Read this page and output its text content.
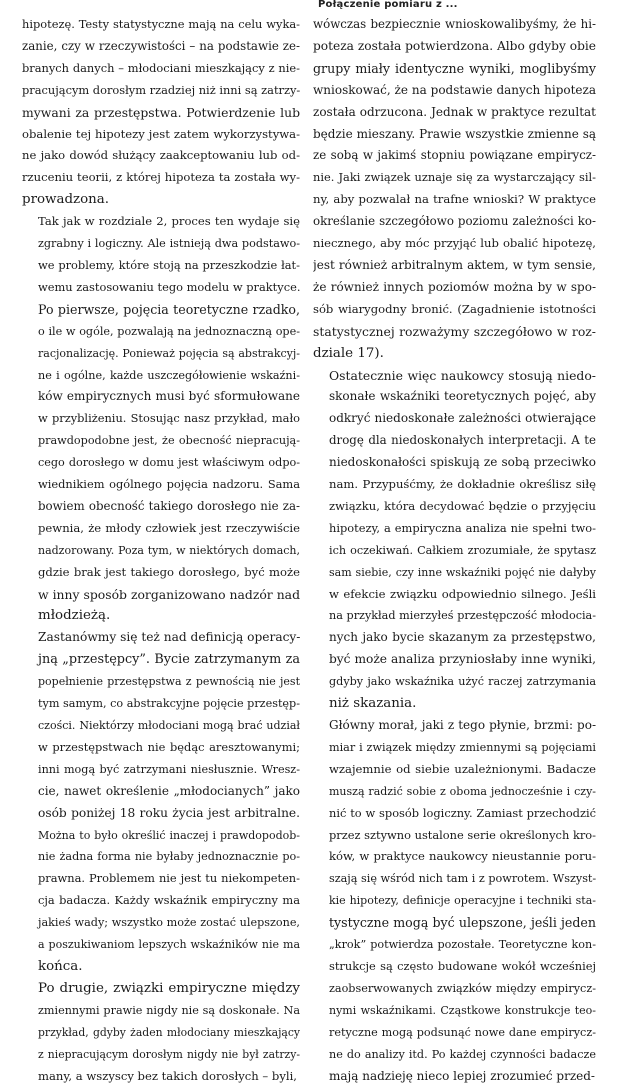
Połączenie pomiaru z ...

hipotezę. Testy statystyczne mają na celu wyka-
zanie, czy w rzeczywistości – na podstawie ze-
branych danych – młodociani mieszkający z nie-
pracującym dorosłym rzadziej niż inni są zatrzy-
mywani za przestępstwa. Potwierdzenie lub
obalenie tej hipotezy jest zatem wykorzystywa-
ne jako dowód służący zaakceptowaniu lub od-
rzuceniu teorii, z której hipoteza ta została wy-
prowadzona.

Tak jak w rozdziale 2, proces ten wydaje się
zgrabny i logiczny. Ale istnieją dwa podstawo-
we problemy, które stoją na przeszkodzie łat-
wemu zastosowaniu tego modelu w praktyce.

Po pierwsze, pojęcia teoretyczne rzadko,
o ile w ogóle, pozwalają na jednoznaczną ope-
racjonalizację. Ponieważ pojęcia są abstrakcyj-
ne i ogólne, każde uszczegółowienie wskaźni-
ków empirycznych musi być sformułowane
w przybliżeniu. Stosując nasz przykład, mało
prawdopodobne jest, że obecność niepracują-
cego dorosłego w domu jest właściwym odpo-
wiednikiem ogólnego pojęcia nadzoru. Sama
bowiem obecność takiego dorosłego nie za-
pewnia, że młody człowiek jest rzeczywiście
nadzorowany. Poza tym, w niektórych domach,
gdzie brak jest takiego dorosłego, być może
w inny sposób zorganizowano nadzór nad
młodzieżą.

Zastanówmy się też nad definicją operacy-
jną „przestępcy”. Bycie zatrzymanym za
popełnienie przestępstwa z pewnością nie jest
tym samym, co abstrakcyjne pojęcie przestęp-
czości. Niektórzy młodociani mogą brać udział
w przestępstwach nie będąc aresztowanymi;
inni mogą być zatrzymani niesłusznie. Wresz-
cie, nawet określenie „młodocianych” jako
osób poniżej 18 roku życia jest arbitralne.
Można to było określić inaczej i prawdopodob-
nie żadna forma nie byłaby jednoznacznie po-
prawna. Problemem nie jest tu niekompeten-
cja badacza. Każdy wskaźnik empiryczny ma
jakieś wady; wszystko może zostać ulepszone,
a poszukiwaniom lepszych wskaźników nie ma
końca.

Po drugie, związki empiryczne między
zmiennymi prawie nigdy nie są doskonałe. Na
przykład, gdyby żaden młodociany mieszkający
z niepracującym dorosłym nigdy nie był zatrzy-
many, a wszyscy bez takich dorosłych – byli,

wówczas bezpiecznie wnioskowalibyśmy, że hi-
poteza została potwierdzona. Albo gdyby obie
grupy miały identyczne wyniki, moglibyśmy
wnioskować, że na podstawie danych hipoteza
została odrzucona. Jednak w praktyce rezultat
będzie mieszany. Prawie wszystkie zmienne są
ze sobą w jakimś stopniu powiązane empirycz-
nie. Jaki związek uznaje się za wystarczający sil-
ny, aby pozwalał na trafne wnioski? W praktyce
określanie szczegółowo poziomu zależności ko-
niecznego, aby móc przyjąć lub obalić hipotezę,
jest również arbitralnym aktem, w tym sensie,
że również innych poziomów można by w spo-
sób wiarygodny bronić. (Zagadnienie istotności
statystycznej rozważymy szczegółowo w roz-
dziale 17).

Ostatecznie więc naukowcy stosują niedo-
skonałe wskaźniki teoretycznych pojęć, aby
odkryć niedoskonałe zależności otwierające
drogę dla niedoskonałych interpretacji. A te
niedoskonałości spiskują ze sobą przeciwko
nam. Przypuśćmy, że dokładnie określisz siłę
związku, która decydować będzie o przyjęciu
hipotezy, a empiryczna analiza nie spełni two-
ich oczekiwań. Całkiem zrozumiałe, że spytasz
sam siebie, czy inne wskaźniki pojęć nie dałyby
w efekcie związku odpowiednio silnego. Jeśli
na przykład mierzyłeś przestępczość młodocia-
nych jako bycie skazanym za przestępstwo,
być może analiza przyniosłaby inne wyniki,
gdyby jako wskaźnika użyć raczej zatrzymania
niż skazania.

Główny morał, jaki z tego płynie, brzmi: po-
miar i związek między zmiennymi są pojęciami
wzajemnie od siebie uzależnionymi. Badacze
muszą radzić sobie z oboma jednocześnie i czy-
nić to w sposób logiczny. Zamiast przechodzić
przez sztywno ustalone serie określonych kro-
ków, w praktyce naukowcy nieustannie poru-
szają się wśród nich tam i z powrotem. Wszyst-
kie hipotezy, definicje operacyjne i techniki sta-
tystyczne mogą być ulepszone, jeśli jeden
„krok” potwierdza pozostałe. Teoretyczne kon-
strukcje są często budowane wokół wcześniej
zaobserwowanych związków między empirycz-
nymi wskaźnikami. Cząstkowe konstrukcje teo-
retyczne mogą podsunąć nowe dane empirycz-
ne do analizy itd. Po każdej czynności badacze
mają nadzieję nieco lepiej zrozumieć przed-
